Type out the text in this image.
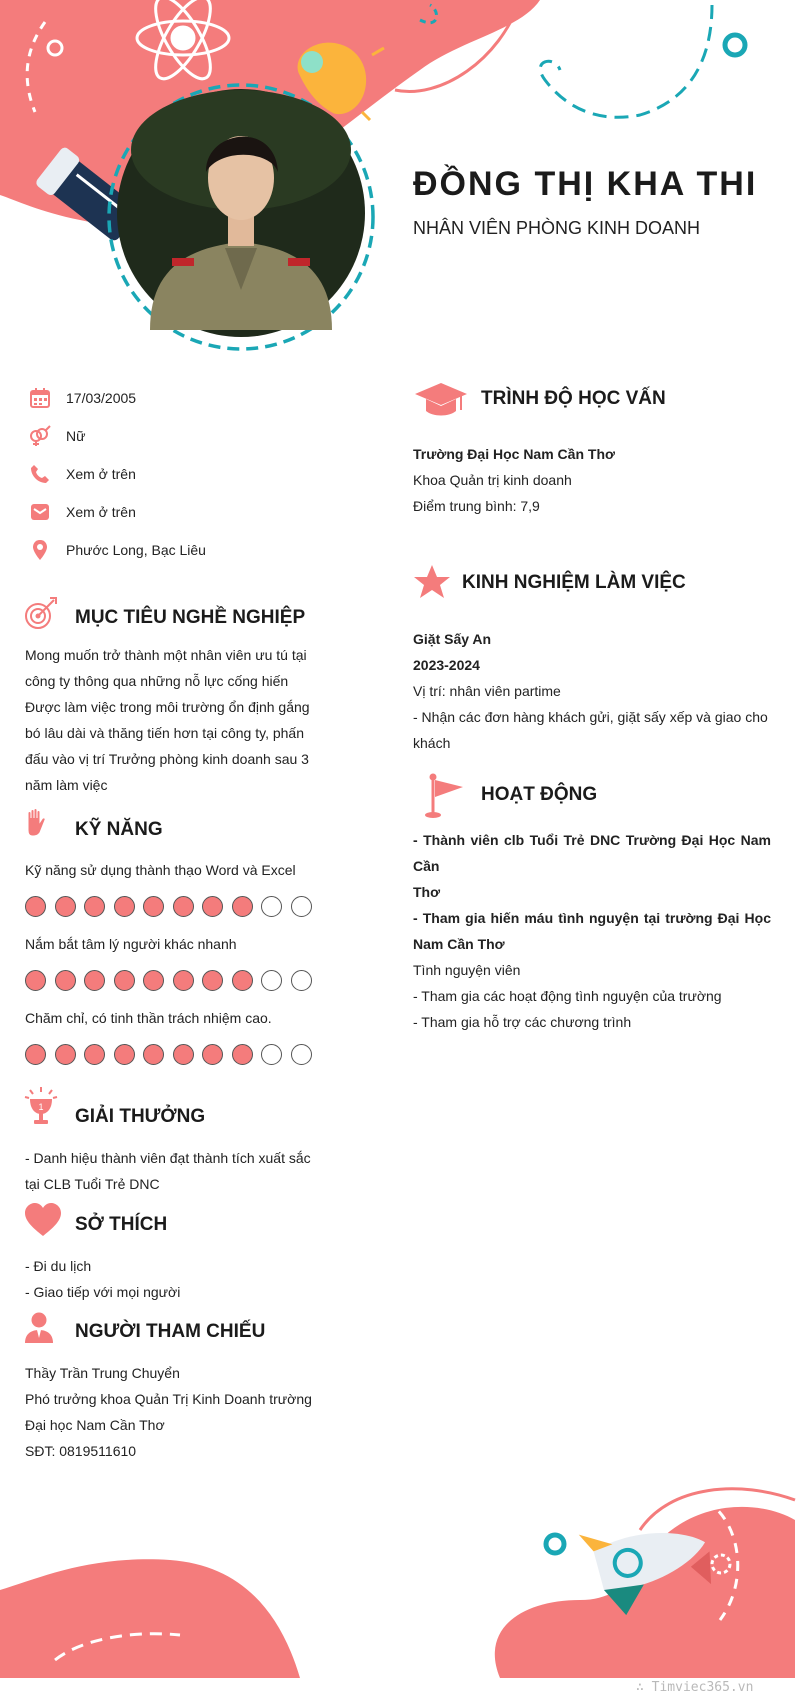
ĐỒNG THỊ KHA THI
NHÂN VIÊN PHÒNG KINH DOANH
17/03/2005
Nữ
Xem ở trên
Xem ở trên
Phước Long, Bạc Liêu
MỤC TIÊU NGHỀ NGHIỆP
Mong muốn trở thành một nhân viên ưu tú tại
công ty thông qua những nỗ lực cống hiến
Được làm việc trong môi trường ổn định gắng
bó lâu dài và thăng tiến hơn tại công ty, phấn
đấu vào vị trí Trưởng phòng kinh doanh sau 3
năm làm việc
KỸ NĂNG
Kỹ năng sử dụng thành thạo Word và Excel
Nắm bắt tâm lý người khác nhanh
Chăm chỉ, có tinh thần trách nhiệm cao.
1 GIẢI THƯỞNG
- Danh hiệu thành viên đạt thành tích xuất sắc
tại CLB Tuổi Trẻ DNC
SỞ THÍCH
- Đi du lịch
- Giao tiếp với mọi người
NGƯỜI THAM CHIẾU
Thầy Trần Trung Chuyển
Phó trưởng khoa Quản Trị Kinh Doanh trường
Đại học Nam Cần Thơ
SĐT: 0819511610
TRÌNH ĐỘ HỌC VẤN
Trường Đại Học Nam Cần Thơ
Khoa Quản trị kinh doanh
Điểm trung bình: 7,9
KINH NGHIỆM LÀM VIỆC
Giặt Sấy An
2023-2024
Vị trí: nhân viên partime
- Nhận các đơn hàng khách gửi, giặt sấy xếp và giao cho
khách
HOẠT ĐỘNG
- Thành viên clb Tuổi Trẻ DNC Trường Đại Học Nam Cần
Thơ
- Tham gia hiến máu tình nguyện tại trường Đại Học
Nam Cần Thơ
Tình nguyện viên
- Tham gia các hoạt động tình nguyện của trường
- Tham gia hỗ trợ các chương trình
∴ Timviec365.vn
